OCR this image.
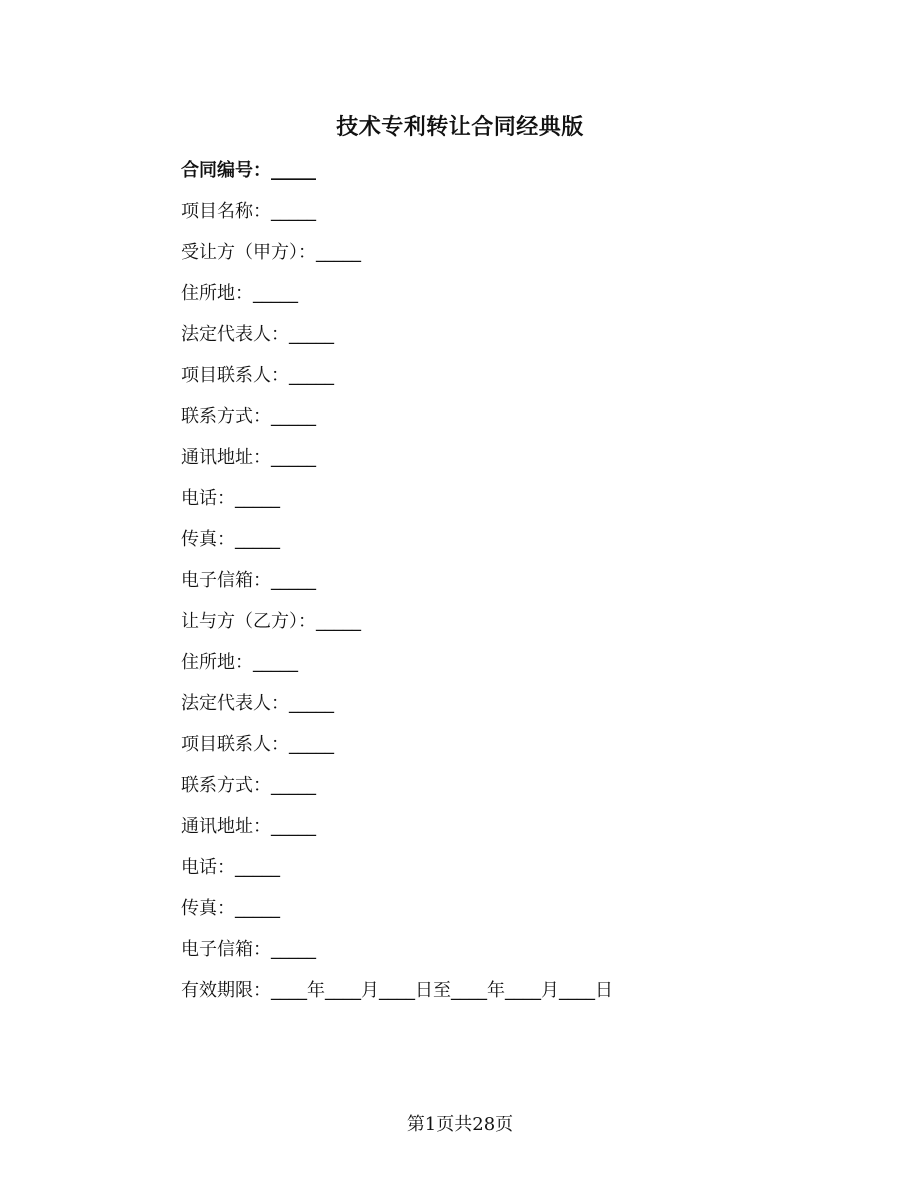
技术专利转让合同经典版
合同编号：_____
项目名称：_____
受让方（甲方）：_____
住所地：_____
法定代表人：_____
项目联系人：_____
联系方式：_____
通讯地址：_____
电话：_____
传真：_____
电子信箱：_____
让与方（乙方）：_____
住所地：_____
法定代表人：_____
项目联系人：_____
联系方式：_____
通讯地址：_____
电话：_____
传真：_____
电子信箱：_____
有效期限：____年____月____日至____年____月____日
第1页共28页
